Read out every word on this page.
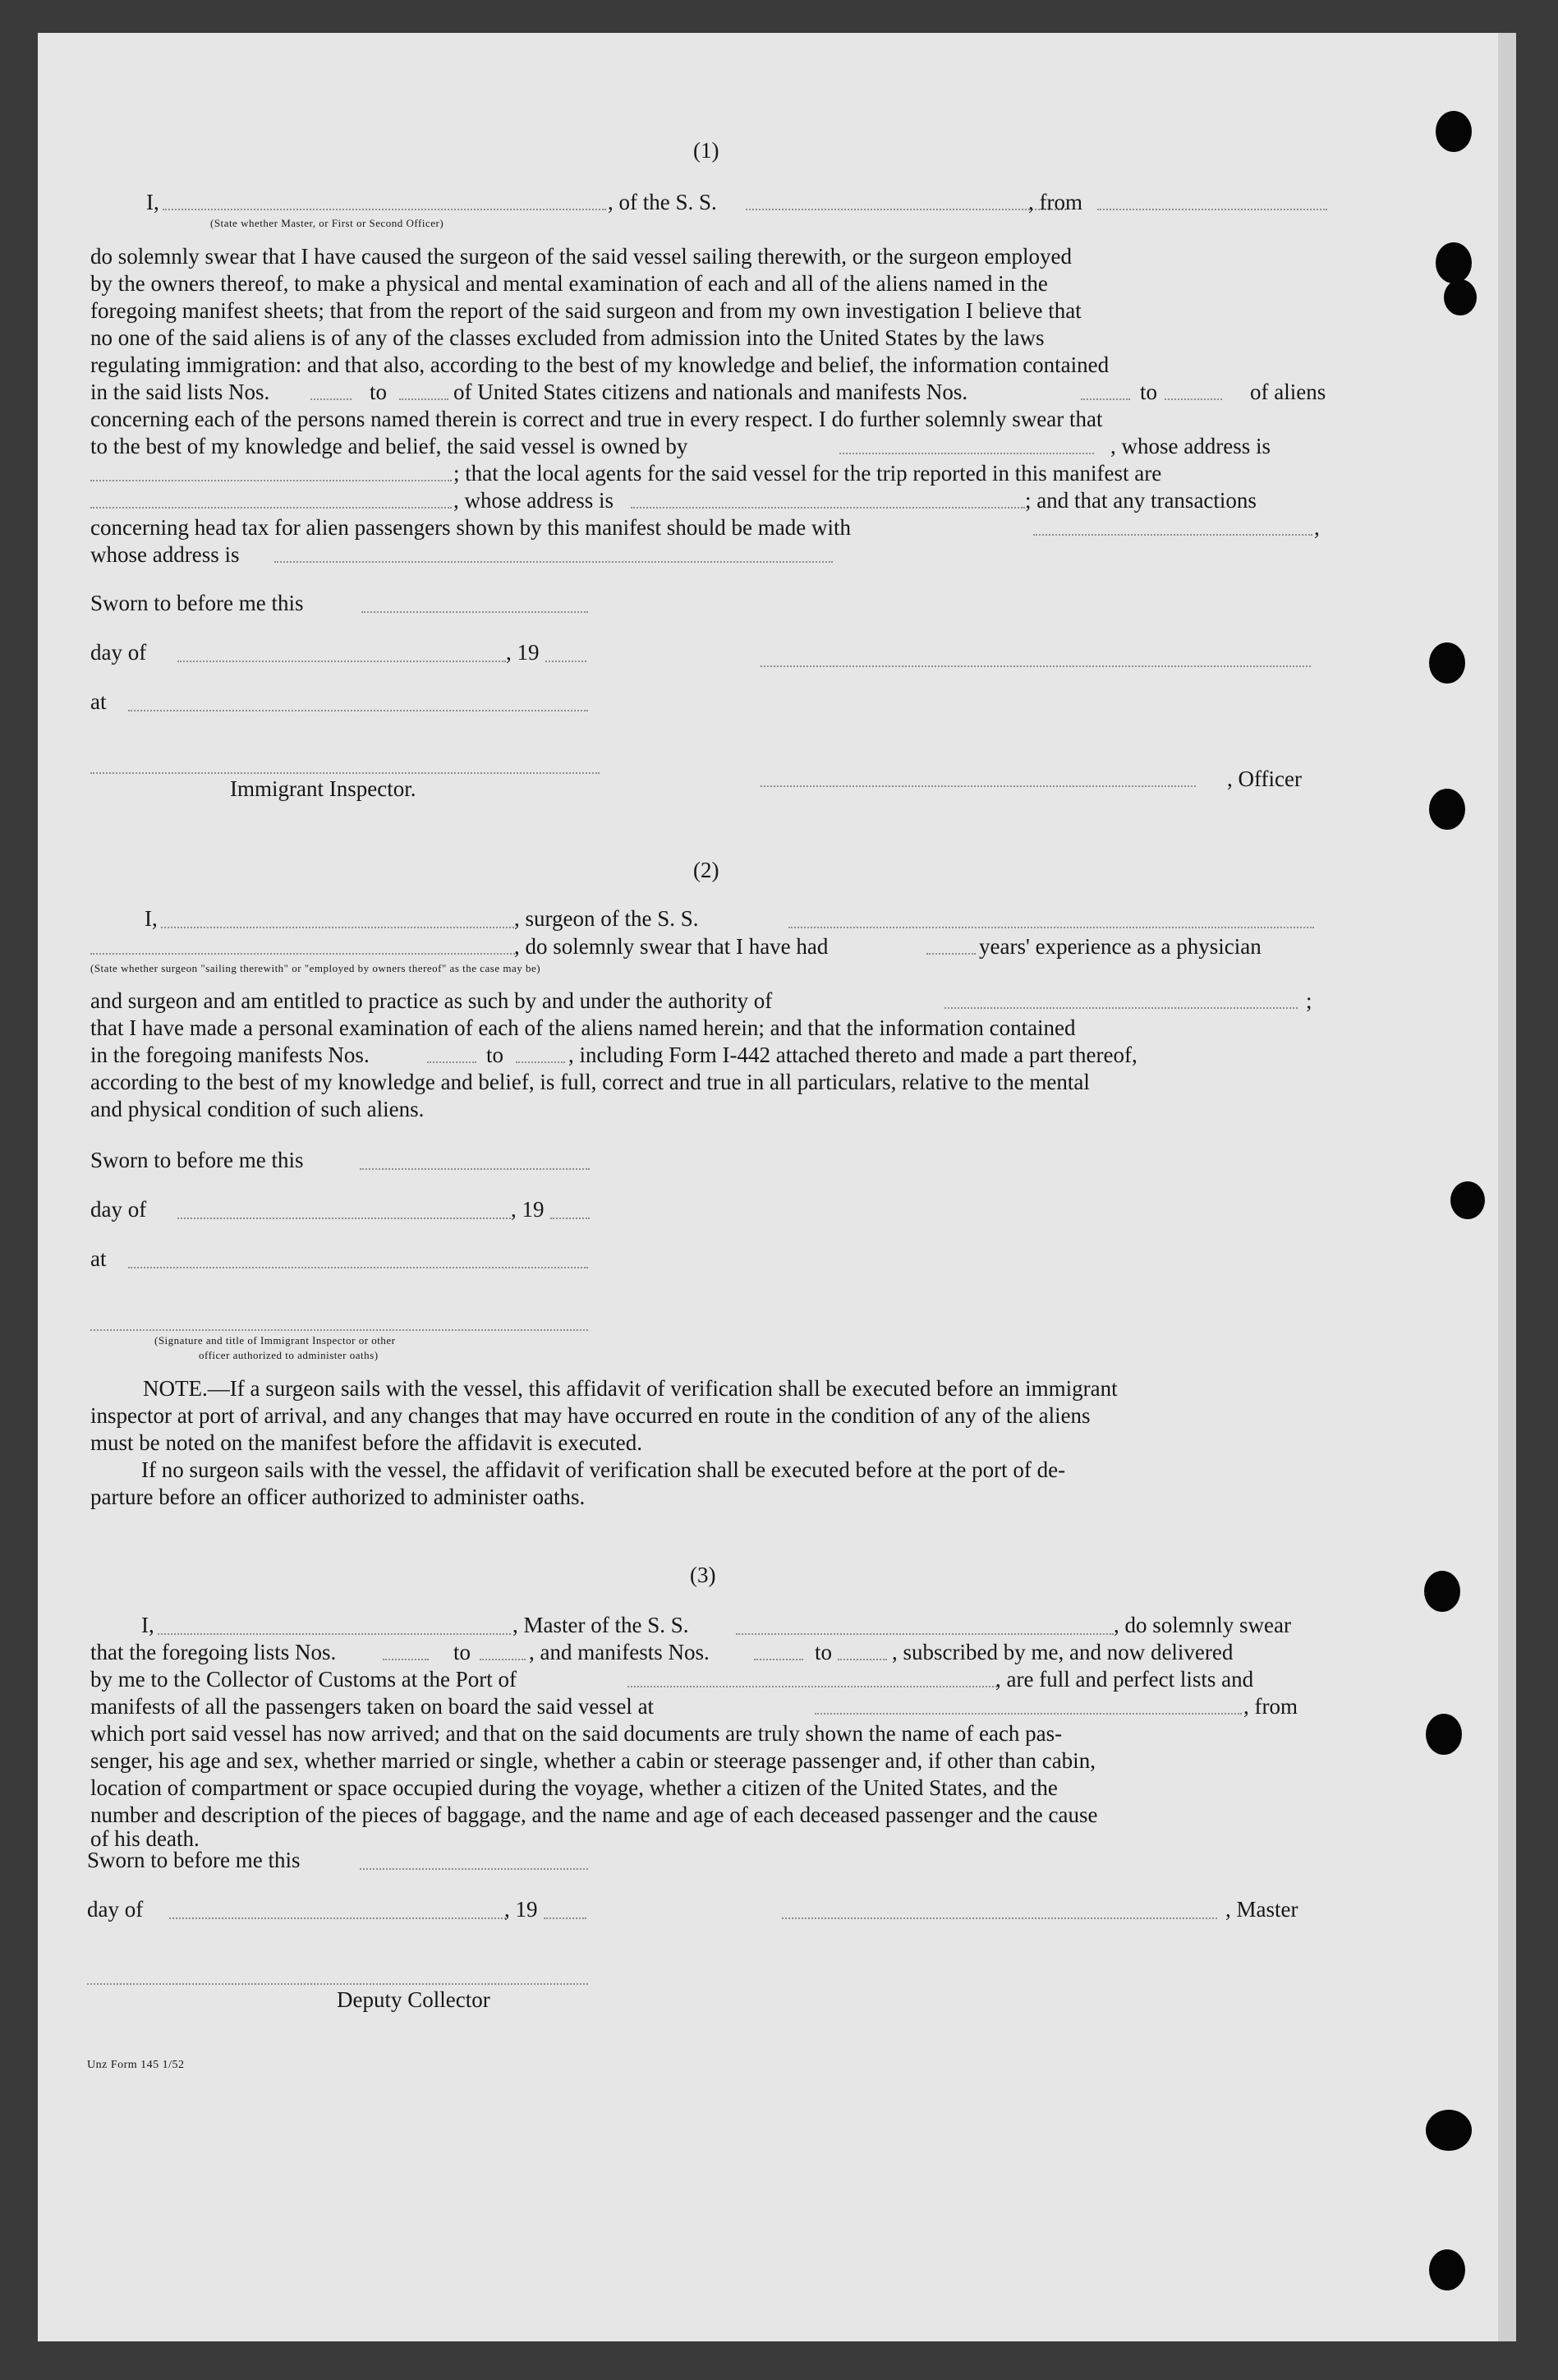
(1)
I,	, of the S. S.	, from
(State whether Master, or First or Second Officer)
do solemnly swear that I have caused the surgeon of the said vessel sailing therewith, or the surgeon employed
by the owners thereof, to make a physical and mental examination of each and all of the aliens named in the
foregoing manifest sheets; that from the report of the said surgeon and from my own investigation I believe that
no one of the said aliens is of any of the classes excluded from admission into the United States by the laws
regulating immigration: and that also, according to the best of my knowledge and belief, the information contained
in the said lists Nos.	to	of United States citizens and nationals and manifests Nos.	to	of aliens
concerning each of the persons named therein is correct and true in every respect. I do further solemnly swear that
to the best of my knowledge and belief, the said vessel is owned by	, whose address is
; that the local agents for the said vessel for the trip reported in this manifest are
, whose address is	; and that any transactions
concerning head tax for alien passengers shown by this manifest should be made with	,
whose address is
Sworn to before me this
day of	, 19
at
, Officer
Immigrant Inspector.
(2)
I,	, surgeon of the S. S.
, do solemnly swear that I have had	years' experience as a physician
(State whether surgeon "sailing therewith" or "employed by owners thereof" as the case may be)
and surgeon and am entitled to practice as such by and under the authority of	;
that I have made a personal examination of each of the aliens named herein; and that the information contained
in the foregoing manifests Nos.	to	, including Form I-442 attached thereto and made a part thereof,
according to the best of my knowledge and belief, is full, correct and true in all particulars, relative to the mental
and physical condition of such aliens.
Sworn to before me this
day of	, 19
at
(Signature and title of Immigrant Inspector or other
officer authorized to administer oaths)
NOTE.—If a surgeon sails with the vessel, this affidavit of verification shall be executed before an immigrant
inspector at port of arrival, and any changes that may have occurred en route in the condition of any of the aliens
must be noted on the manifest before the affidavit is executed.
If no surgeon sails with the vessel, the affidavit of verification shall be executed before at the port of de-
parture before an officer authorized to administer oaths.
(3)
I,	, Master of the S. S.	, do solemnly swear
that the foregoing lists Nos.	to	, and manifests Nos.	to	, subscribed by me, and now delivered
by me to the Collector of Customs at the Port of	, are full and perfect lists and
manifests of all the passengers taken on board the said vessel at	, from
which port said vessel has now arrived; and that on the said documents are truly shown the name of each pas-
senger, his age and sex, whether married or single, whether a cabin or steerage passenger and, if other than cabin,
location of compartment or space occupied during the voyage, whether a citizen of the United States, and the
number and description of the pieces of baggage, and the name and age of each deceased passenger and the cause
of his death.
Sworn to before me this
day of	, 19	, Master
Deputy Collector
Unz Form 145 1/52
